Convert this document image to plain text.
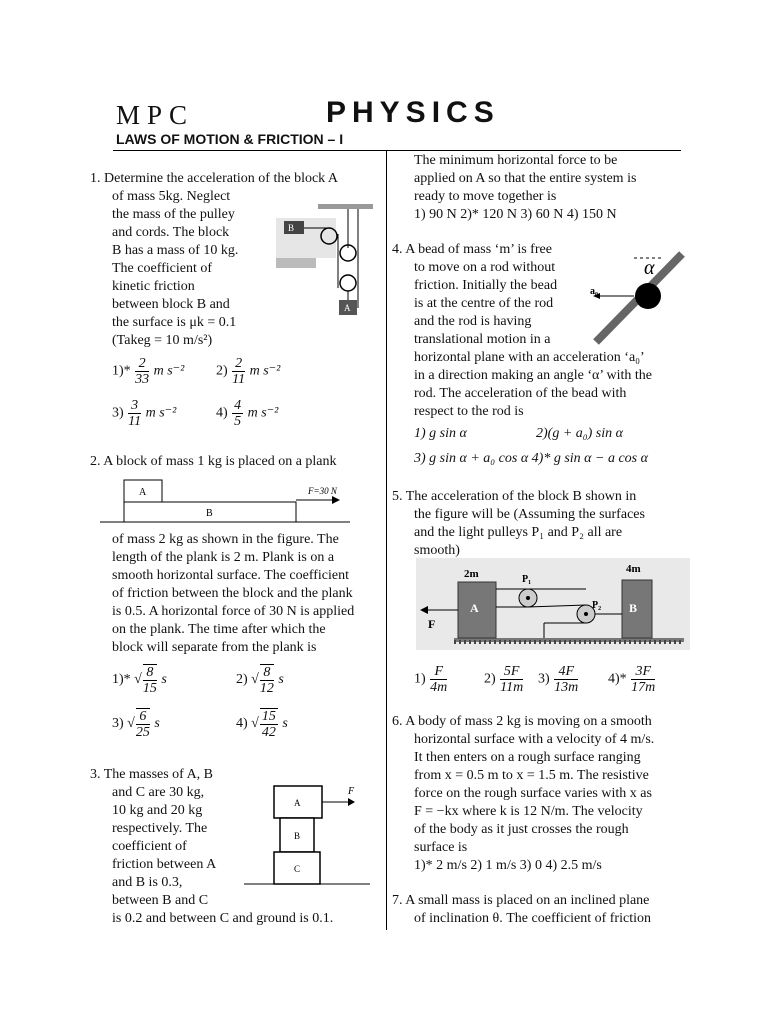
MPC	PHYSICS
LAWS OF MOTION & FRICTION – I
1. Determine the acceleration of the block A
of mass 5kg. Neglect
the mass of the pulley
and cords. The block
B has a mass of 10 kg.
The coefficient of
kinetic friction
between block B and
the surface is μk = 0.1
(Takeg = 10 m/s²)
B
A
$1)* \frac{2}{33}$ m s⁻² $2) \frac{2}{11}$ m s⁻²
$3) \frac{3}{11}$ m s⁻²	$4) \frac{4}{5}$ m s⁻²
2. A block of mass 1 kg is placed on a plank
A
B
F=30 N
of mass 2 kg as shown in the figure. The
length of the plank is 2 m. Plank is on a
smooth horizontal surface. The coefficient
of friction between the block and the plank
is 0.5. A horizontal force of 30 N is applied
on the plank. The time after which the
block will separate from the plank is
1)* √ $\frac{8}{15}$ s	2) √ $\frac{8}{12}$ s
3) √ $\frac{6}{25}$ s	4) √ $\frac{15}{42}$ s
3. The masses of A, B
and C are 30 kg,
10 kg and 20 kg
respectively. The
coefficient of
friction between A
and B is 0.3,
between B and C
is 0.2 and between C and ground is 0.1.
A
B
C
F
The minimum horizontal force to be
applied on A so that the entire system is
ready to move together is
1) 90 N 2)* 120 N 3) 60 N 4) 150 N
4. A bead of mass ‘m’ is free
to move on a rod without
friction. Initially the bead
is at the centre of the rod
and the rod is having
translational motion in a
horizontal plane with an acceleration ‘a₀’
in a direction making an angle ‘α’ with the
rod. The acceleration of the bead with
respect to the rod is
a₀
α
1) g sin α	2)(g + a₀) sin α
3) g sin α + a₀ cos α 4)* g sin α − a cos α
5. The acceleration of the block B shown in
the figure will be (Assuming the surfaces
and the light pulleys P₁ and P₂ all are
smooth)
A
2m
B
4m
P₁
P₂
F
$1) \frac{F}{4m}$	$2) \frac{5F}{11m} 3) \frac{4F}{13m} 4)* \frac{3F}{17m}$
6. A body of mass 2 kg is moving on a smooth
horizontal surface with a velocity of 4 m/s.
It then enters on a rough surface ranging
from x = 0.5 m to x = 1.5 m. The resistive
force on the rough surface varies with x as
F = −kx where k is 12 N/m. The velocity
of the body as it just crosses the rough
surface is
1)* 2 m/s 2) 1 m/s 3) 0 4) 2.5 m/s
7. A small mass is placed on an inclined plane
of inclination θ. The coefficient of friction
